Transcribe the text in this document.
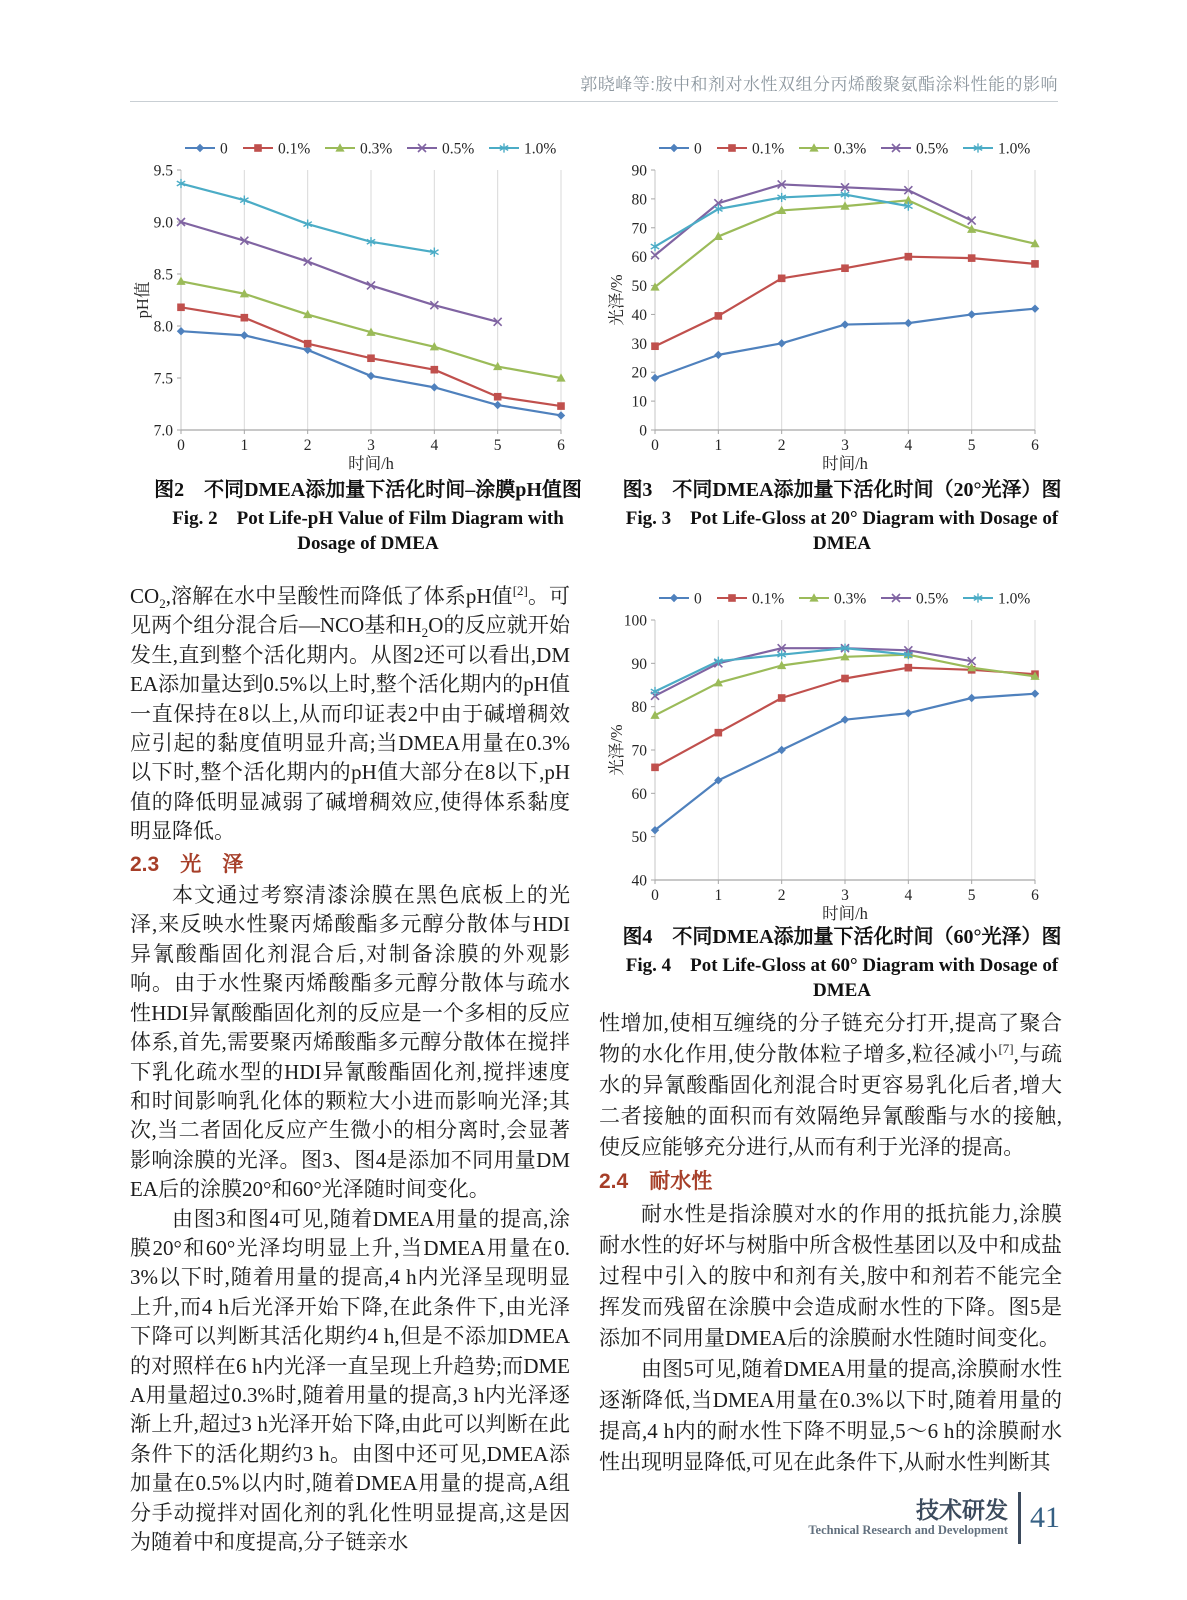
郭晓峰等:胺中和剂对水性双组分丙烯酸聚氨酯涂料性能的影响
7.0
7.5
8.0
8.5
9.0
9.5
0	1	2	3	4	5	6
时间/h
pH值
0	0.1%	0.3%	0.5%	1.0%
0
10
20
30
40
50
60
70
80
90
0	1	2	3	4	5	6
时间/h
光泽/%
0	0.1%	0.3%	0.5%	1.0%
40
50
60
70
80
90
100
0	1	2	3	4	5	6
时间/h
光泽/%
0	0.1%	0.3%	0.5%	1.0%
图2　不同DMEA添加量下活化时间–涂膜pH值图
Fig. 2　Pot Life-pH Value of Film Diagram with Dosage of DMEA
图3　不同DMEA添加量下活化时间（20°光泽）图
Fig. 3　Pot Life-Gloss at 20° Diagram with Dosage of DMEA
图4　不同DMEA添加量下活化时间（60°光泽）图
Fig. 4　Pot Life-Gloss at 60° Diagram with Dosage of DMEA

$CO_2$,溶解在水中呈酸性而降低了体系pH值[2]。可见两个组分混合后—NCO基和$H_2O$的反应就开始发生,直到整个活化期内。从图2还可以看出,DMEA添加量达到0.5%以上时,整个活化期内的pH值一直保持在8以上,从而印证表2中由于碱增稠效应引起的黏度值明显升高;当DMEA用量在0.3%以下时,整个活化期内的pH值大部分在8以下,pH值的降低明显减弱了碱增稠效应,使得体系黏度明显降低。

2.3　光　泽

本文通过考察清漆涂膜在黑色底板上的光泽,来反映水性聚丙烯酸酯多元醇分散体与HDI异氰酸酯固化剂混合后,对制备涂膜的外观影响。由于水性聚丙烯酸酯多元醇分散体与疏水性HDI异氰酸酯固化剂的反应是一个多相的反应体系,首先,需要聚丙烯酸酯多元醇分散体在搅拌下乳化疏水型的HDI异氰酸酯固化剂,搅拌速度和时间影响乳化体的颗粒大小进而影响光泽;其次,当二者固化反应产生微小的相分离时,会显著影响涂膜的光泽。图3、图4是添加不同用量DMEA后的涂膜20°和60°光泽随时间变化。

由图3和图4可见,随着DMEA用量的提高,涂膜20°和60°光泽均明显上升,当DMEA用量在0.3%以下时,随着用量的提高,4 h内光泽呈现明显上升,而4 h后光泽开始下降,在此条件下,由光泽下降可以判断其活化期约4 h,但是不添加DMEA的对照样在6 h内光泽一直呈现上升趋势;而DMEA用量超过0.3%时,随着用量的提高,3 h内光泽逐渐上升,超过3 h光泽开始下降,由此可以判断在此条件下的活化期约3 h。由图中还可见,DMEA添加量在0.5%以内时,随着DMEA用量的提高,A组分手动搅拌对固化剂的乳化性明显提高,这是因为随着中和度提高,分子链亲水

性增加,使相互缠绕的分子链充分打开,提高了聚合物的水化作用,使分散体粒子增多,粒径减小[7],与疏水的异氰酸酯固化剂混合时更容易乳化后者,增大二者接触的面积而有效隔绝异氰酸酯与水的接触,使反应能够充分进行,从而有利于光泽的提高。

2.4　耐水性

耐水性是指涂膜对水的作用的抵抗能力,涂膜耐水性的好坏与树脂中所含极性基团以及中和成盐过程中引入的胺中和剂有关,胺中和剂若不能完全挥发而残留在涂膜中会造成耐水性的下降。图5是添加不同用量DMEA后的涂膜耐水性随时间变化。

由图5可见,随着DMEA用量的提高,涂膜耐水性逐渐降低,当DMEA用量在0.3%以下时,随着用量的提高,4 h内的耐水性下降不明显,5～6 h的涂膜耐水性出现明显降低,可见在此条件下,从耐水性判断其

技术研发
Technical Research and Development 41
